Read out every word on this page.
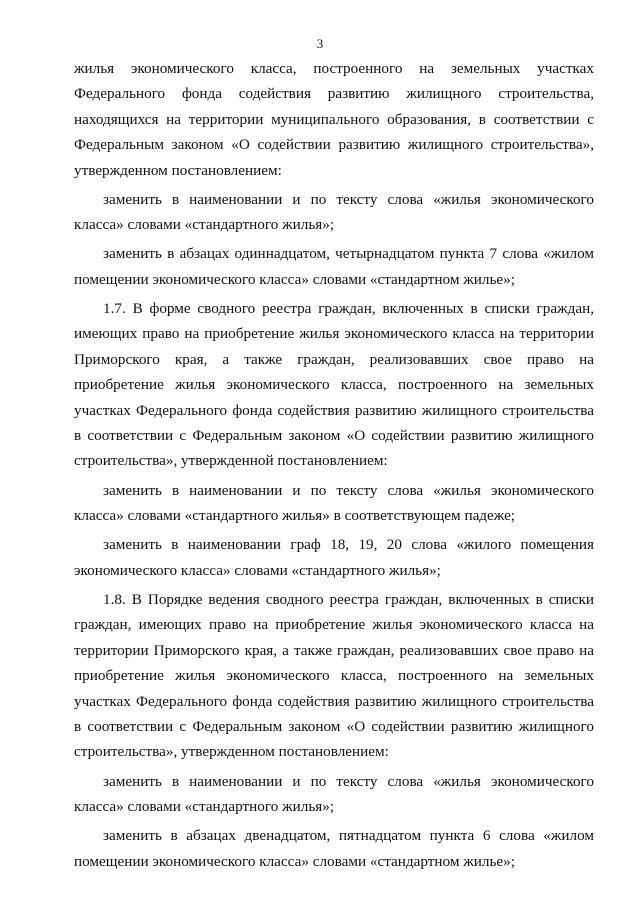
3

жилья экономического класса, построенного на земельных участках Федерального фонда содействия развитию жилищного строительства, находящихся на территории муниципального образования, в соответствии с Федеральным законом «О содействии развитию жилищного строительства», утвержденном постановлением:

заменить в наименовании и по тексту слова «жилья экономического класса» словами «стандартного жилья»;

заменить в абзацах одиннадцатом, четырнадцатом пункта 7 слова «жилом помещении экономического класса» словами «стандартном жилье»;

1.7. В форме сводного реестра граждан, включенных в списки граждан, имеющих право на приобретение жилья экономического класса на территории Приморского края, а также граждан, реализовавших свое право на приобретение жилья экономического класса, построенного на земельных участках Федерального фонда содействия развитию жилищного строительства в соответствии с Федеральным законом «О содействии развитию жилищного строительства», утвержденной постановлением:

заменить в наименовании и по тексту слова «жилья экономического класса» словами «стандартного жилья» в соответствующем падеже;

заменить в наименовании граф 18, 19, 20 слова «жилого помещения экономического класса» словами «стандартного жилья»;

1.8. В Порядке ведения сводного реестра граждан, включенных в списки граждан, имеющих право на приобретение жилья экономического класса на территории Приморского края, а также граждан, реализовавших свое право на приобретение жилья экономического класса, построенного на земельных участках Федерального фонда содействия развитию жилищного строительства в соответствии с Федеральным законом «О содействии развитию жилищного строительства», утвержденном постановлением:

заменить в наименовании и по тексту слова «жилья экономического класса» словами «стандартного жилья»;

заменить в абзацах двенадцатом, пятнадцатом пункта 6 слова «жилом помещении экономического класса» словами «стандартном жилье»;
